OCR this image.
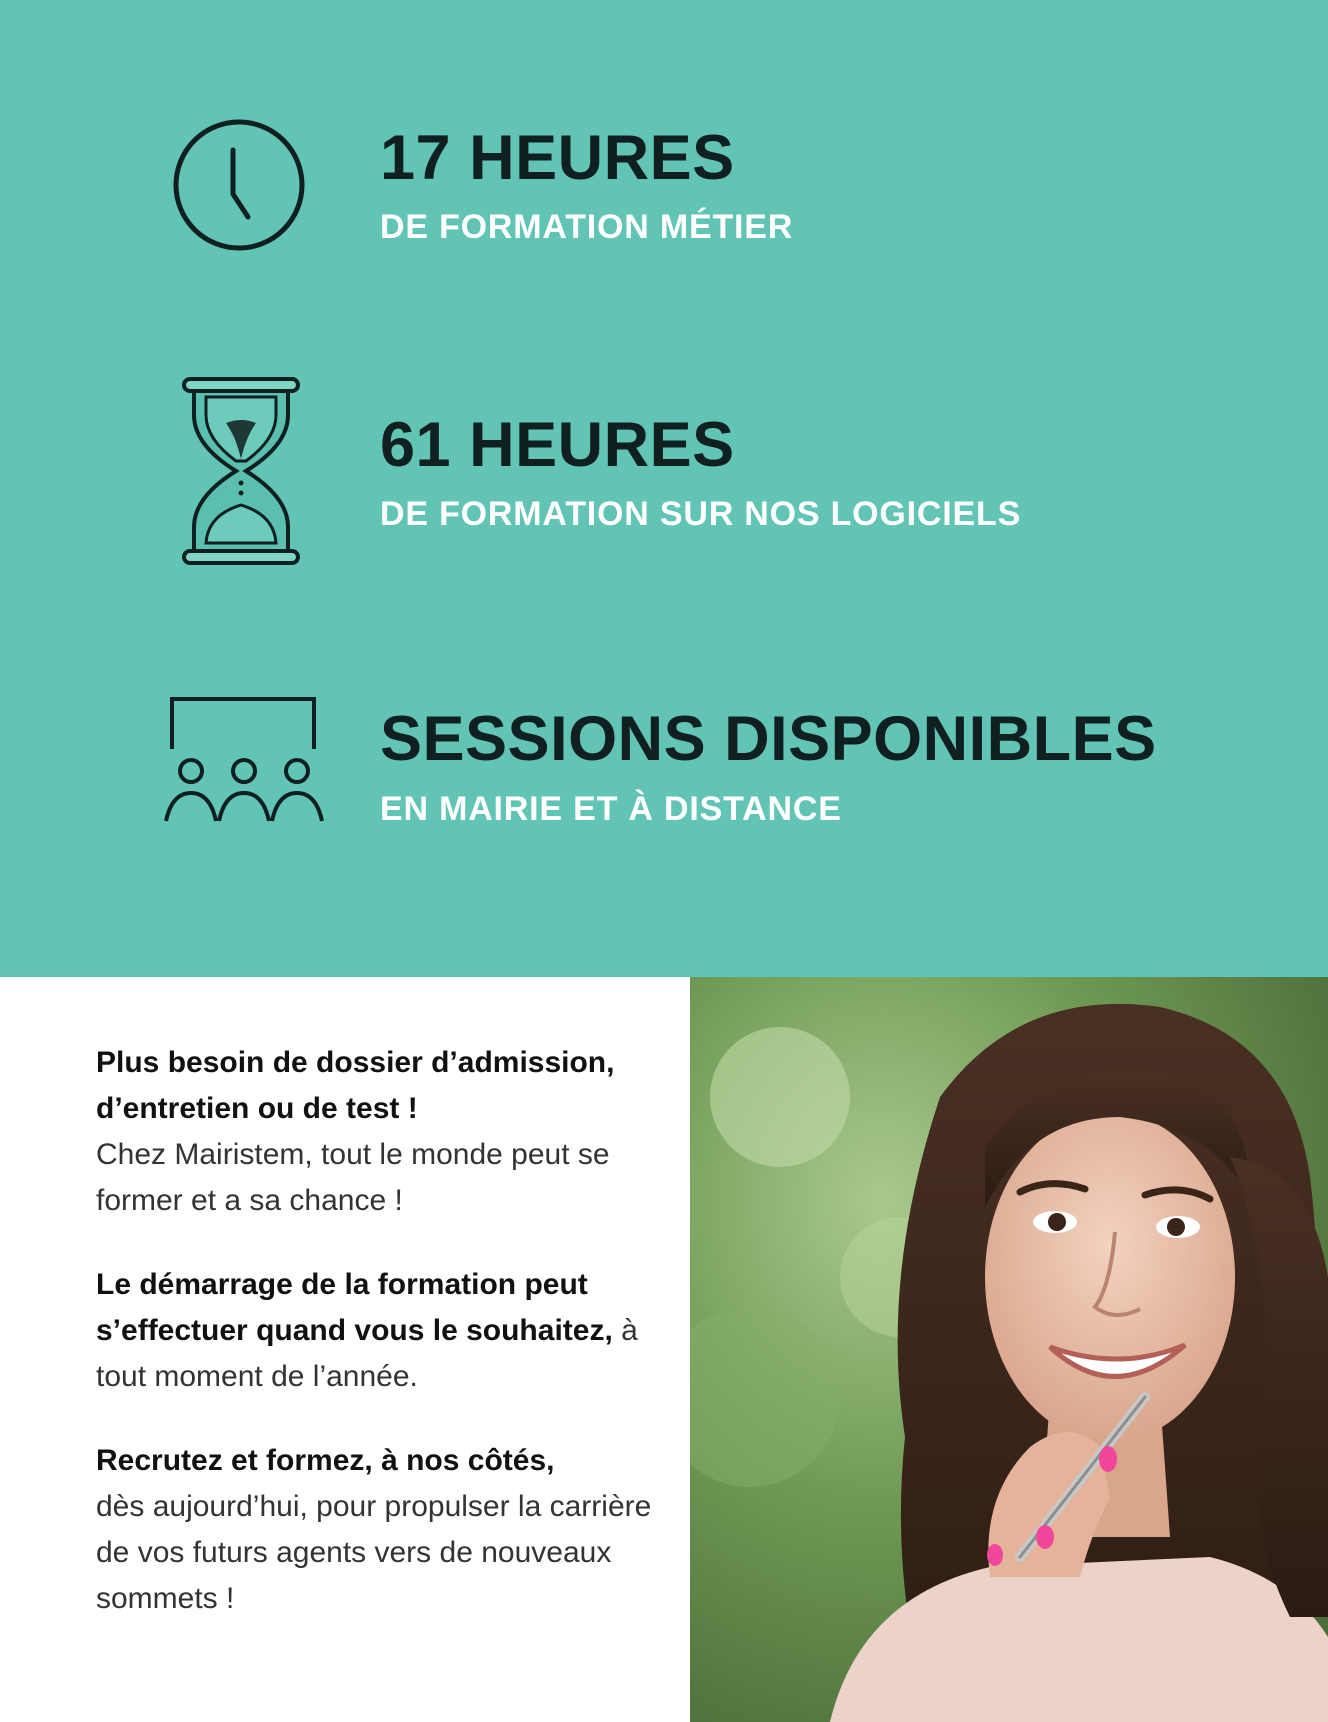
17 HEURES

DE FORMATION MÉTIER

61 HEURES

DE FORMATION SUR NOS LOGICIELS

SESSIONS DISPONIBLES

EN MAIRIE ET À DISTANCE

Plus besoin de dossier d’admission, d’entretien ou de test !
Chez Mairistem, tout le monde peut se former et a sa chance !

Le démarrage de la formation peut s’effectuer quand vous le souhaitez, à tout moment de l’année.

Recrutez et formez, à nos côtés,
dès aujourd’hui, pour propulser la carrière de vos futurs agents vers de nouveaux sommets !
